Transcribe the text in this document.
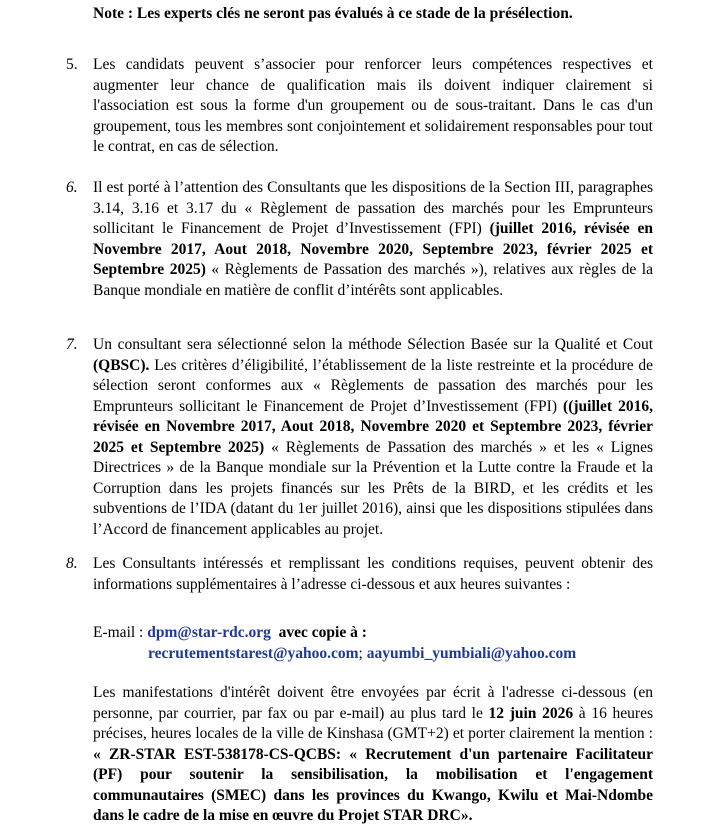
Note : Les experts clés ne seront pas évalués à ce stade de la présélection.

5. Les candidats peuvent s’associer pour renforcer leurs compétences respectives et augmenter leur chance de qualification mais ils doivent indiquer clairement si l'association est sous la forme d'un groupement ou de sous-traitant. Dans le cas d'un groupement, tous les membres sont conjointement et solidairement responsables pour tout le contrat, en cas de sélection.

6. Il est porté à l’attention des Consultants que les dispositions de la Section III, paragraphes 3.14, 3.16 et 3.17 du « Règlement de passation des marchés pour les Emprunteurs sollicitant le Financement de Projet d’Investissement (FPI) (juillet 2016, révisée en Novembre 2017, Aout 2018, Novembre 2020, Septembre 2023, février 2025 et Septembre 2025) « Règlements de Passation des marchés »), relatives aux règles de la Banque mondiale en matière de conflit d’intérêts sont applicables.

7. Un consultant sera sélectionné selon la méthode Sélection Basée sur la Qualité et Cout (QBSC). Les critères d’éligibilité, l’établissement de la liste restreinte et la procédure de sélection seront conformes aux « Règlements de passation des marchés pour les Emprunteurs sollicitant le Financement de Projet d’Investissement (FPI) ((juillet 2016, révisée en Novembre 2017, Aout 2018, Novembre 2020 et Septembre 2023, février 2025 et Septembre 2025) « Règlements de Passation des marchés » et les « Lignes Directrices » de la Banque mondiale sur la Prévention et la Lutte contre la Fraude et la Corruption dans les projets financés sur les Prêts de la BIRD, et les crédits et les subventions de l’IDA (datant du 1er juillet 2016), ainsi que les dispositions stipulées dans l’Accord de financement applicables au projet.

8. Les Consultants intéressés et remplissant les conditions requises, peuvent obtenir des informations supplémentaires à l’adresse ci-dessous et aux heures suivantes :

E-mail : dpm@star-rdc.org avec copie à :
recrutementstarest@yahoo.com; aayumbi_yumbiali@yahoo.com

Les manifestations d'intérêt doivent être envoyées par écrit à l'adresse ci-dessous (en personne, par courrier, par fax ou par e-mail) au plus tard le 12 juin 2026 à 16 heures précises, heures locales de la ville de Kinshasa (GMT+2) et porter clairement la mention : « ZR-STAR EST-538178-CS-QCBS: « Recrutement d'un partenaire Facilitateur (PF) pour soutenir la sensibilisation, la mobilisation et l'engagement communautaires (SMEC) dans les provinces du Kwango, Kwilu et Mai-Ndombe dans le cadre de la mise en œuvre du Projet STAR DRC».
